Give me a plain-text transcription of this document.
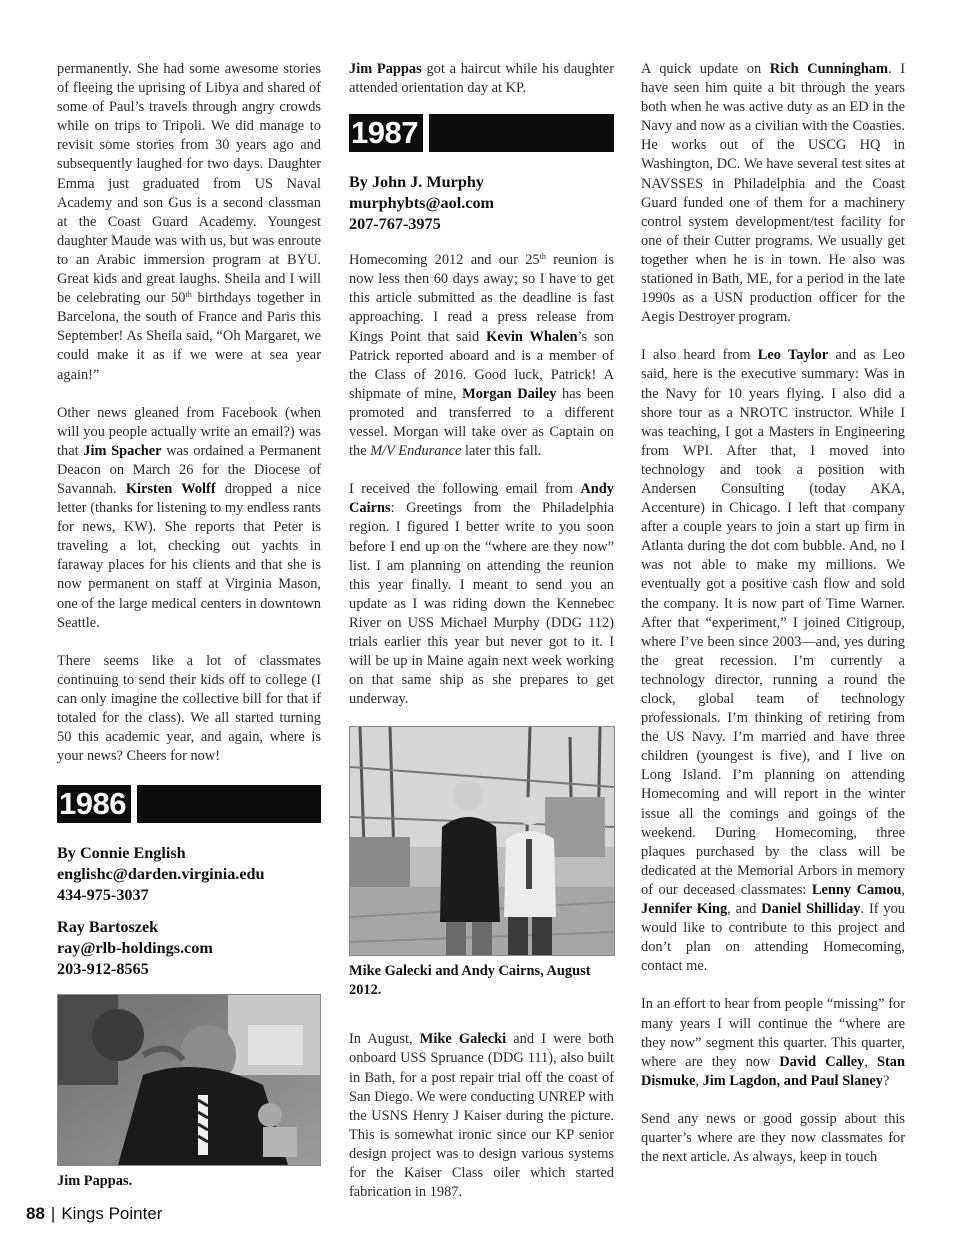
permanently. She had some awesome stories of fleeing the uprising of Libya and shared of some of Paul’s travels through angry crowds while on trips to Tripoli. We did manage to revisit some stories from 30 years ago and subsequently laughed for two days. Daughter Emma just graduated from US Naval Academy and son Gus is a second classman at the Coast Guard Academy. Youngest daughter Maude was with us, but was enroute to an Arabic immersion program at BYU. Great kids and great laughs. Sheila and I will be celebrating our 50th birthdays together in Barcelona, the south of France and Paris this September! As Sheila said, “Oh Margaret, we could make it as if we were at sea year again!”

Other news gleaned from Facebook (when will you people actually write an email?) was that Jim Spacher was ordained a Permanent Deacon on March 26 for the Diocese of Savannah. Kirsten Wolff dropped a nice letter (thanks for listening to my endless rants for news, KW). She reports that Peter is traveling a lot, checking out yachts in faraway places for his clients and that she is now permanent on staff at Virginia Mason, one of the large medical centers in downtown Seattle.

There seems like a lot of classmates continuing to send their kids off to college (I can only imagine the collective bill for that if totaled for the class). We all started turning 50 this academic year, and again, where is your news? Cheers for now!

1986
By Connie English
englishc@darden.virginia.edu
434-975-3037
Ray Bartoszek
ray@rlb-holdings.com
203-912-8565
Jim Pappas.

Jim Pappas got a haircut while his daughter attended orientation day at KP.

1987
By John J. Murphy
murphybts@aol.com
207-767-3975

Homecoming 2012 and our 25th reunion is now less then 60 days away; so I have to get this article submitted as the deadline is fast approaching. I read a press release from Kings Point that said Kevin Whalen’s son Patrick reported aboard and is a member of the Class of 2016. Good luck, Patrick! A shipmate of mine, Morgan Dailey has been promoted and transferred to a different vessel. Morgan will take over as Captain on the M/V Endurance later this fall.

I received the following email from Andy Cairns: Greetings from the Philadelphia region. I figured I better write to you soon before I end up on the “where are they now” list. I am planning on attending the reunion this year finally. I meant to send you an update as I was riding down the Kennebec River on USS Michael Murphy (DDG 112) trials earlier this year but never got to it. I will be up in Maine again next week working on that same ship as she prepares to get underway.

Mike Galecki and Andy Cairns, August 2012.

In August, Mike Galecki and I were both onboard USS Spruance (DDG 111), also built in Bath, for a post repair trial off the coast of San Diego. We were conducting UNREP with the USNS Henry J Kaiser during the picture. This is somewhat ironic since our KP senior design project was to design various systems for the Kaiser Class oiler which started fabrication in 1987.

A quick update on Rich Cunningham. I have seen him quite a bit through the years both when he was active duty as an ED in the Navy and now as a civilian with the Coasties. He works out of the USCG HQ in Washington, DC. We have several test sites at NAVSSES in Philadelphia and the Coast Guard funded one of them for a machinery control system development/test facility for one of their Cutter programs. We usually get together when he is in town. He also was stationed in Bath, ME, for a period in the late 1990s as a USN production officer for the Aegis Destroyer program.

I also heard from Leo Taylor and as Leo said, here is the executive summary: Was in the Navy for 10 years flying. I also did a shore tour as a NROTC instructor. While I was teaching, I got a Masters in Engineering from WPI. After that, I moved into technology and took a position with Andersen Consulting (today AKA, Accenture) in Chicago. I left that company after a couple years to join a start up firm in Atlanta during the dot com bubble. And, no I was not able to make my millions. We eventually got a positive cash flow and sold the company. It is now part of Time Warner. After that “experiment,” I joined Citigroup, where I’ve been since 2003—and, yes during the great recession. I’m currently a technology director, running a round the clock, global team of technology professionals. I’m thinking of retiring from the US Navy. I’m married and have three children (youngest is five), and I live on Long Island. I’m planning on attending Homecoming and will report in the winter issue all the comings and goings of the weekend. During Homecoming, three plaques purchased by the class will be dedicated at the Memorial Arbors in memory of our deceased classmates: Lenny Camou, Jennifer King, and Daniel Shilliday. If you would like to contribute to this project and don’t plan on attending Homecoming, contact me.

In an effort to hear from people “missing” for many years I will continue the “where are they now” segment this quarter. This quarter, where are they now David Calley, Stan Dismuke, Jim Lagdon, and Paul Slaney?

Send any news or good gossip about this quarter’s where are they now classmates for the next article. As always, keep in touch

88 | Kings Pointer
